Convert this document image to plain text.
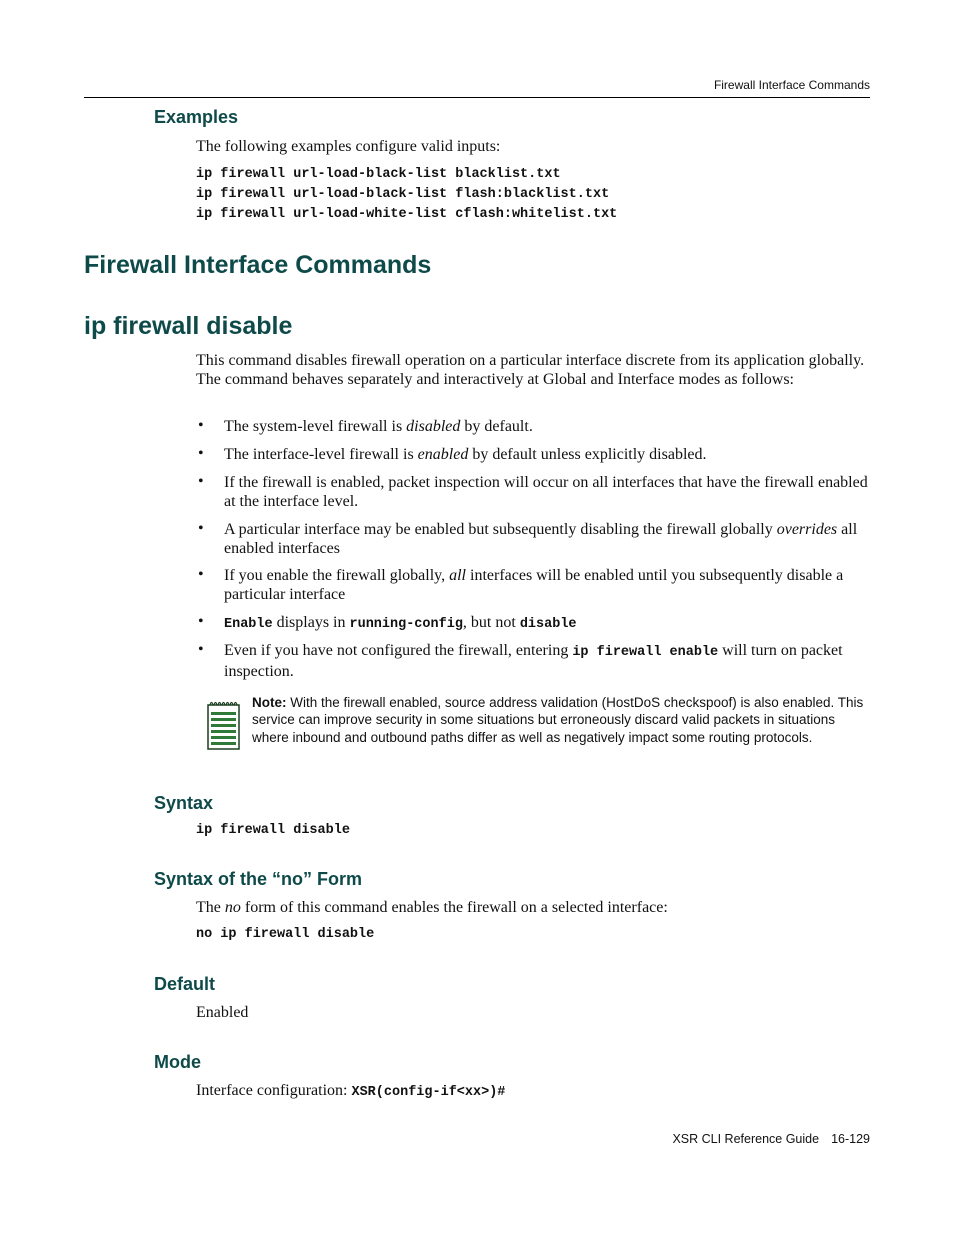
Firewall Interface Commands
Examples
The following examples configure valid inputs:
ip firewall url-load-black-list blacklist.txt
ip firewall url-load-black-list flash:blacklist.txt
ip firewall url-load-white-list cflash:whitelist.txt
Firewall Interface Commands
ip firewall disable
This command disables firewall operation on a particular interface discrete from its application globally. The command behaves separately and interactively at Global and Interface modes as follows:
• The system-level firewall is disabled by default.
• The interface-level firewall is enabled by default unless explicitly disabled.
• If the firewall is enabled, packet inspection will occur on all interfaces that have the firewall enabled at the interface level.
• A particular interface may be enabled but subsequently disabling the firewall globally overrides all enabled interfaces
• If you enable the firewall globally, all interfaces will be enabled until you subsequently disable a particular interface
• Enable displays in running-config, but not disable
• Even if you have not configured the firewall, entering ip firewall enable will turn on packet inspection.
Note: With the firewall enabled, source address validation (HostDoS checkspoof) is also enabled. This service can improve security in some situations but erroneously discard valid packets in situations where inbound and outbound paths differ as well as negatively impact some routing protocols.
Syntax
ip firewall disable
Syntax of the “no” Form
The no form of this command enables the firewall on a selected interface:
no ip firewall disable
Default
Enabled
Mode
Interface configuration: XSR(config-if<xx>)#
XSR CLI Reference Guide 16-129
